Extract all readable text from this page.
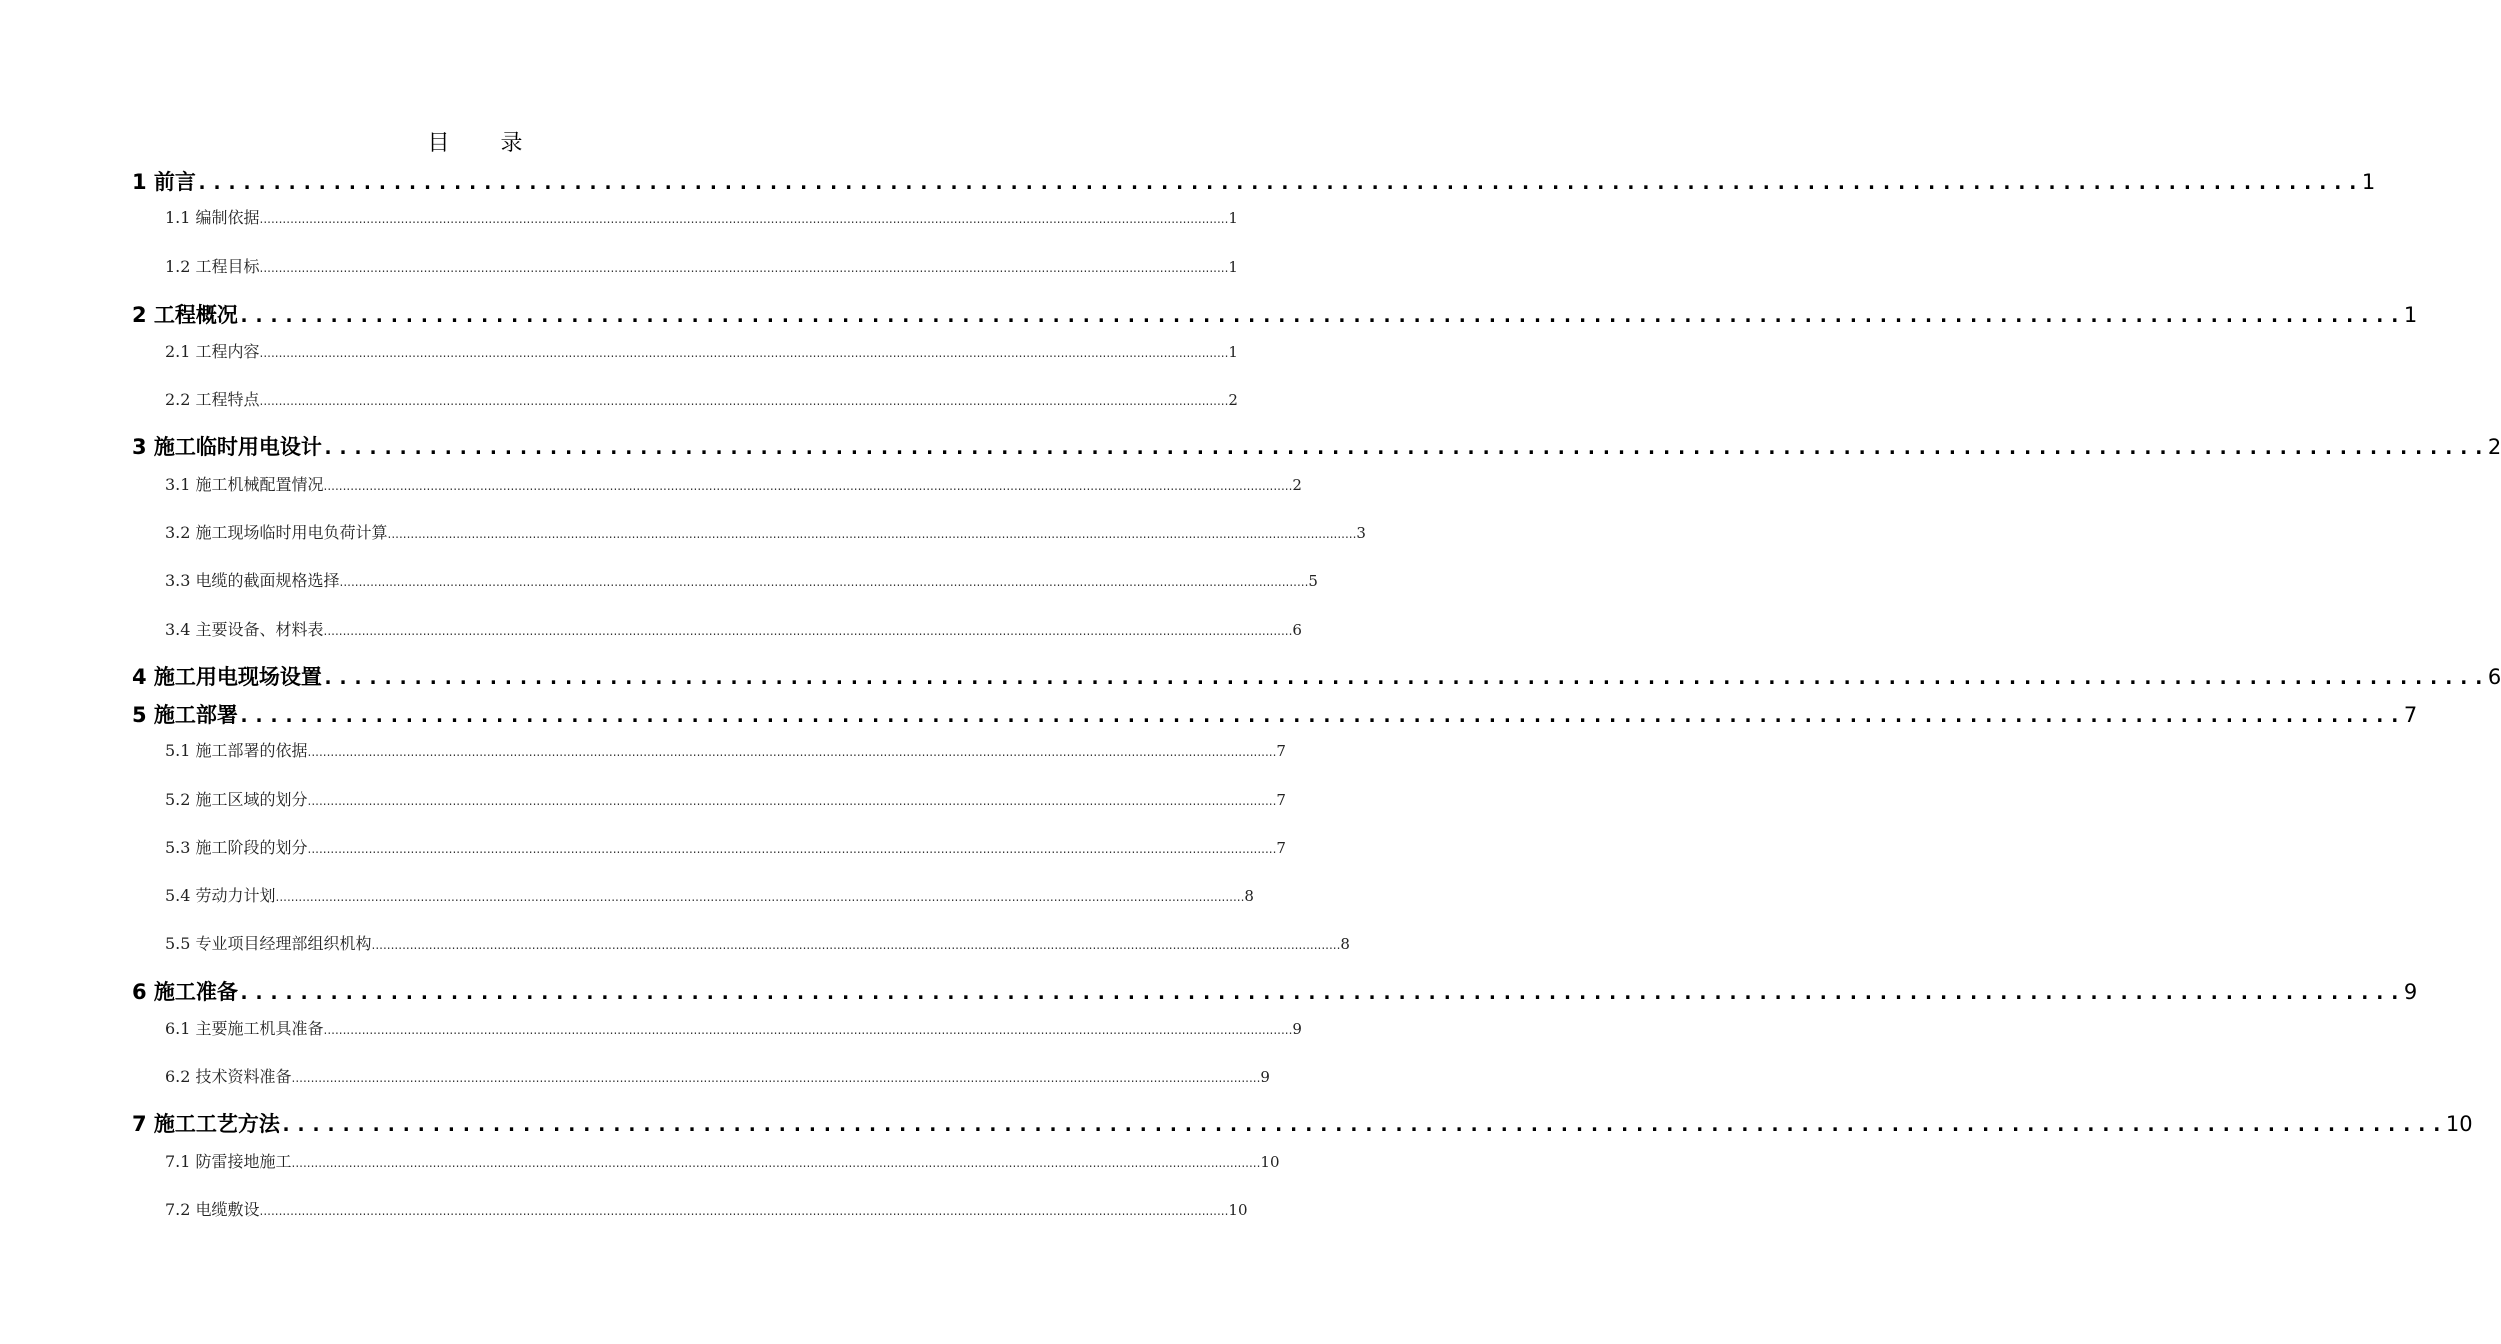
目 录
1 前言 ................................................................................................................................................ 1
1.1 编制依据 .............................................................................................................................................................................................................................................................. 1
1.2 工程目标 .............................................................................................................................................................................................................................................................. 1
2 工程概况 ................................................................................................................................................ 1
2.1 工程内容 .............................................................................................................................................................................................................................................................. 1
2.2 工程特点 .............................................................................................................................................................................................................................................................. 2
3 施工临时用电设计 ................................................................................................................................................ 2
3.1 施工机械配置情况 .............................................................................................................................................................................................................................................................. 2
3.2 施工现场临时用电负荷计算 .............................................................................................................................................................................................................................................................. 3
3.3 电缆的截面规格选择 .............................................................................................................................................................................................................................................................. 5
3.4 主要设备、材料表 .............................................................................................................................................................................................................................................................. 6
4 施工用电现场设置 ................................................................................................................................................ 6
5 施工部署 ................................................................................................................................................ 7
5.1 施工部署的依据 .............................................................................................................................................................................................................................................................. 7
5.2 施工区域的划分 .............................................................................................................................................................................................................................................................. 7
5.3 施工阶段的划分 .............................................................................................................................................................................................................................................................. 7
5.4 劳动力计划 .............................................................................................................................................................................................................................................................. 8
5.5 专业项目经理部组织机构 .............................................................................................................................................................................................................................................................. 8
6 施工准备 ................................................................................................................................................ 9
6.1 主要施工机具准备 .............................................................................................................................................................................................................................................................. 9
6.2 技术资料准备 .............................................................................................................................................................................................................................................................. 9
7 施工工艺方法 ................................................................................................................................................ 10
7.1 防雷接地施工 .............................................................................................................................................................................................................................................................. 10
7.2 电缆敷设 .............................................................................................................................................................................................................................................................. 10
